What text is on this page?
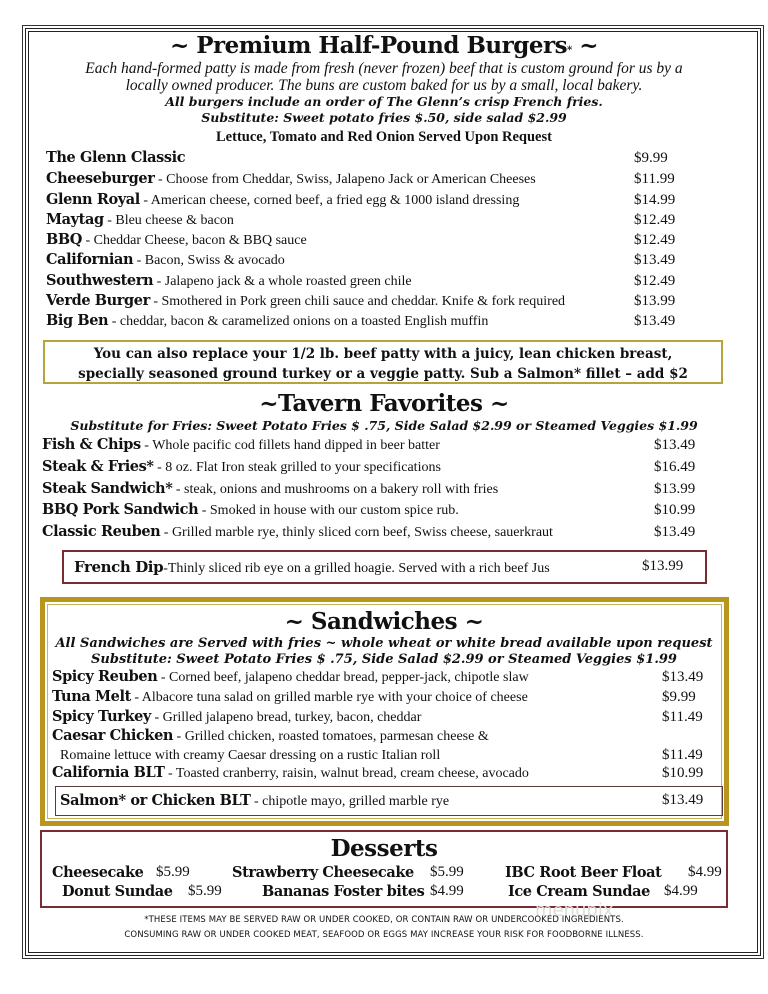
~ Premium Half-Pound Burgers* ~
Each hand-formed patty is made from fresh (never frozen) beef that is custom ground for us by a
locally owned producer. The buns are custom baked for us by a small, local bakery.
All burgers include an order of The Glenn’s crisp French fries.
Substitute: Sweet potato fries $.50, side salad $2.99
Lettuce, Tomato and Red Onion Served Upon Request
The Glenn Classic	$9.99
Cheeseburger - Choose from Cheddar, Swiss, Jalapeno Jack or American Cheeses	$11.99
Glenn Royal - American cheese, corned beef, a fried egg & 1000 island dressing	$14.99
Maytag - Bleu cheese & bacon	$12.49
BBQ - Cheddar Cheese, bacon & BBQ sauce	$12.49
Californian - Bacon, Swiss & avocado	$13.49
Southwestern - Jalapeno jack & a whole roasted green chile	$12.49
Verde Burger - Smothered in Pork green chili sauce and cheddar. Knife & fork required	$13.99
Big Ben - cheddar, bacon & caramelized onions on a toasted English muffin	$13.49
You can also replace your 1/2 lb. beef patty with a juicy, lean chicken breast,
specially seasoned ground turkey or a veggie patty. Sub a Salmon* fillet – add $2
~Tavern Favorites ~
Substitute for Fries: Sweet Potato Fries $ .75, Side Salad $2.99 or Steamed Veggies $1.99
Fish & Chips - Whole pacific cod fillets hand dipped in beer batter	$13.49
Steak & Fries* - 8 oz. Flat Iron steak grilled to your specifications	$16.49
Steak Sandwich* - steak, onions and mushrooms on a bakery roll with fries	$13.99
BBQ Pork Sandwich - Smoked in house with our custom spice rub.	$10.99
Classic Reuben - Grilled marble rye, thinly sliced corn beef, Swiss cheese, sauerkraut	$13.49
French Dip-Thinly sliced rib eye on a grilled hoagie. Served with a rich beef Jus	$13.99
~ Sandwiches ~
All Sandwiches are Served with fries ~ whole wheat or white bread available upon request
Substitute: Sweet Potato Fries $ .75, Side Salad $2.99 or Steamed Veggies $1.99
Spicy Reuben - Corned beef, jalapeno cheddar bread, pepper-jack, chipotle slaw	$13.49
Tuna Melt - Albacore tuna salad on grilled marble rye with your choice of cheese	$9.99
Spicy Turkey - Grilled jalapeno bread, turkey, bacon, cheddar	$11.49
Caesar Chicken - Grilled chicken, roasted tomatoes, parmesan cheese &
Romaine lettuce with creamy Caesar dressing on a rustic Italian roll	$11.49
California BLT - Toasted cranberry, raisin, walnut bread, cream cheese, avocado	$10.99
Salmon* or Chicken BLT - chipotle mayo, grilled marble rye	$13.49
Desserts
Cheesecake $5.99	Strawberry Cheesecake $5.99	IBC Root Beer Float $4.99
Donut Sundae $5.99	Bananas Foster bites $4.99	Ice Cream Sundae $4.99
menupix
*THESE ITEMS MAY BE SERVED RAW OR UNDER COOKED, OR CONTAIN RAW OR UNDERCOOKED INGREDIENTS.
CONSUMING RAW OR UNDER COOKED MEAT, SEAFOOD OR EGGS MAY INCREASE YOUR RISK FOR FOODBORNE ILLNESS.
